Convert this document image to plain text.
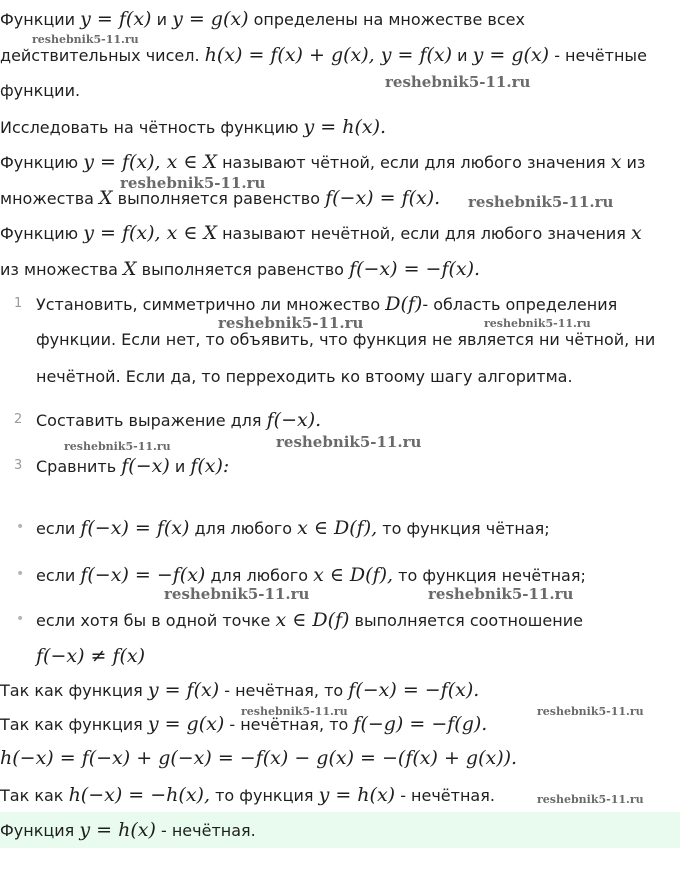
Функции y = f(x) и y = g(x) определены на множестве всех
действительных чисел. h(x) = f(x) + g(x), y = f(x) и y = g(x) - нечётные
функции.
Исследовать на чётность функцию y = h(x).
Функцию y = f(x), x ∈ X называют чётной, если для любого значения x из
множества X выполняется равенство f(−x) = f(x).
Функцию y = f(x), x ∈ X называют нечётной, если для любого значения x
из множества X выполняется равенство f(−x) = −f(x).
1 Устaновить, симметрично ли множество D(f)- область определения
функции. Если нет, то объявить, что функция не является ни чётной, ни
нечётной. Если да, то перреходить ко втоому шагу алгоритма.
2 Составить выражение для f(−x).
3 Сравнить f(−x) и f(x):
• если f(−x) = f(x) для любого x ∈ D(f), то функция чётная;
• если f(−x) = −f(x) для любого x ∈ D(f), то функция нечётная;
• если хотя бы в одной точке x ∈ D(f) выполняется соотношение
f(−x) ≠ f(x)
Так как функция y = f(x) - нечётная, то f(−x) = −f(x).
Так как функция y = g(x) - нечётная, то f(−g) = −f(g).
h(−x) = f(−x) + g(−x) = −f(x) − g(x) = −(f(x) + g(x)).
Так как h(−x) = −h(x), то функция y = h(x) - нечётная.
Функция y = h(x) - нечётная.
reshebnik5-11.ru
reshebnik5-11.ru
reshebnik5-11.ru
reshebnik5-11.ru
reshebnik5-11.ru	reshebnik5-11.ru
reshebnik5-11.ru	reshebnik5-11.ru
reshebnik5-11.ru	reshebnik5-11.ru
reshebnik5-11.ru	reshebnik5-11.ru
reshebnik5-11.ru
